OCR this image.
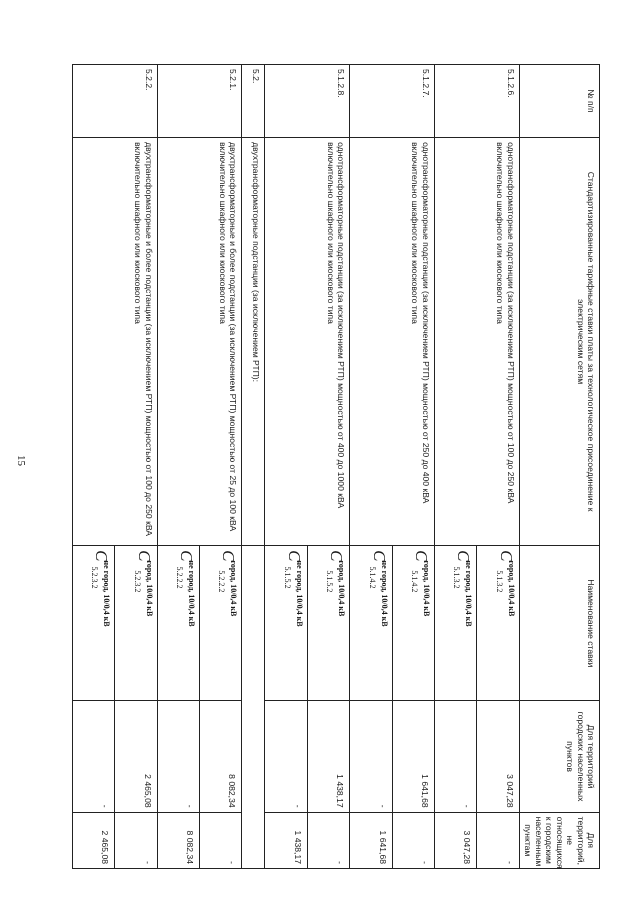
15
№ п/п	Стандартизированные тарифные ставки платы за технологическое присоединение к электрическим сетям	Наименование ставки	Для территорий городских населенных пунктов	Для территорий, не относящихся к городским населенным пунктам
5.1.2.6.	однотрансформаторные подстанции (за исключением РТП) мощностью от 100 до 250 кВА включительно шкафного или киоскового типа	Cгород, 10/0,4 кВ5.1.3.2	3 047,28	-
		Cне город, 10/0,4 кВ5.1.3.2	-	3 047,28
5.1.2.7.	однотрансформаторные подстанции (за исключением РТП) мощностью от 250 до 400 кВА включительно шкафного или киоскового типа	Cгород, 10/0,4 кВ5.1.4.2	1 641,68	-
		Cне город, 10/0,4 кВ5.1.4.2	-	1 641,68
5.1.2.8.	однотрансформаторные подстанции (за исключением РТП) мощностью от 400 до 1000 кВА включительно шкафного или киоскового типа	Cгород, 10/0,4 кВ5.1.5.2	1 438,17	-
		Cне город, 10/0,4 кВ5.1.5.2	-	1 438,17
5.2.	двухтрансформаторные подстанции (за исключением РТП):			
5.2.1.	двухтрансформаторные и более подстанции (за исключением РТП) мощностью от 25 до 100 кВА включительно шкафного или киоскового типа	Cгород, 10/0,4 кВ5.2.2.2	8 082,34	-
		Cне город, 10/0,4 кВ5.2.2.2	-	8 082,34
5.2.2.	двухтрансформаторные и более подстанции (за исключением РТП) мощностью от 100 до 250 кВА включительно шкафного или киоскового типа	Cгород, 10/0,4 кВ5.2.3.2	2 465,08	-
		Cне город, 10/0,4 кВ5.2.3.2	-	2 465,08
